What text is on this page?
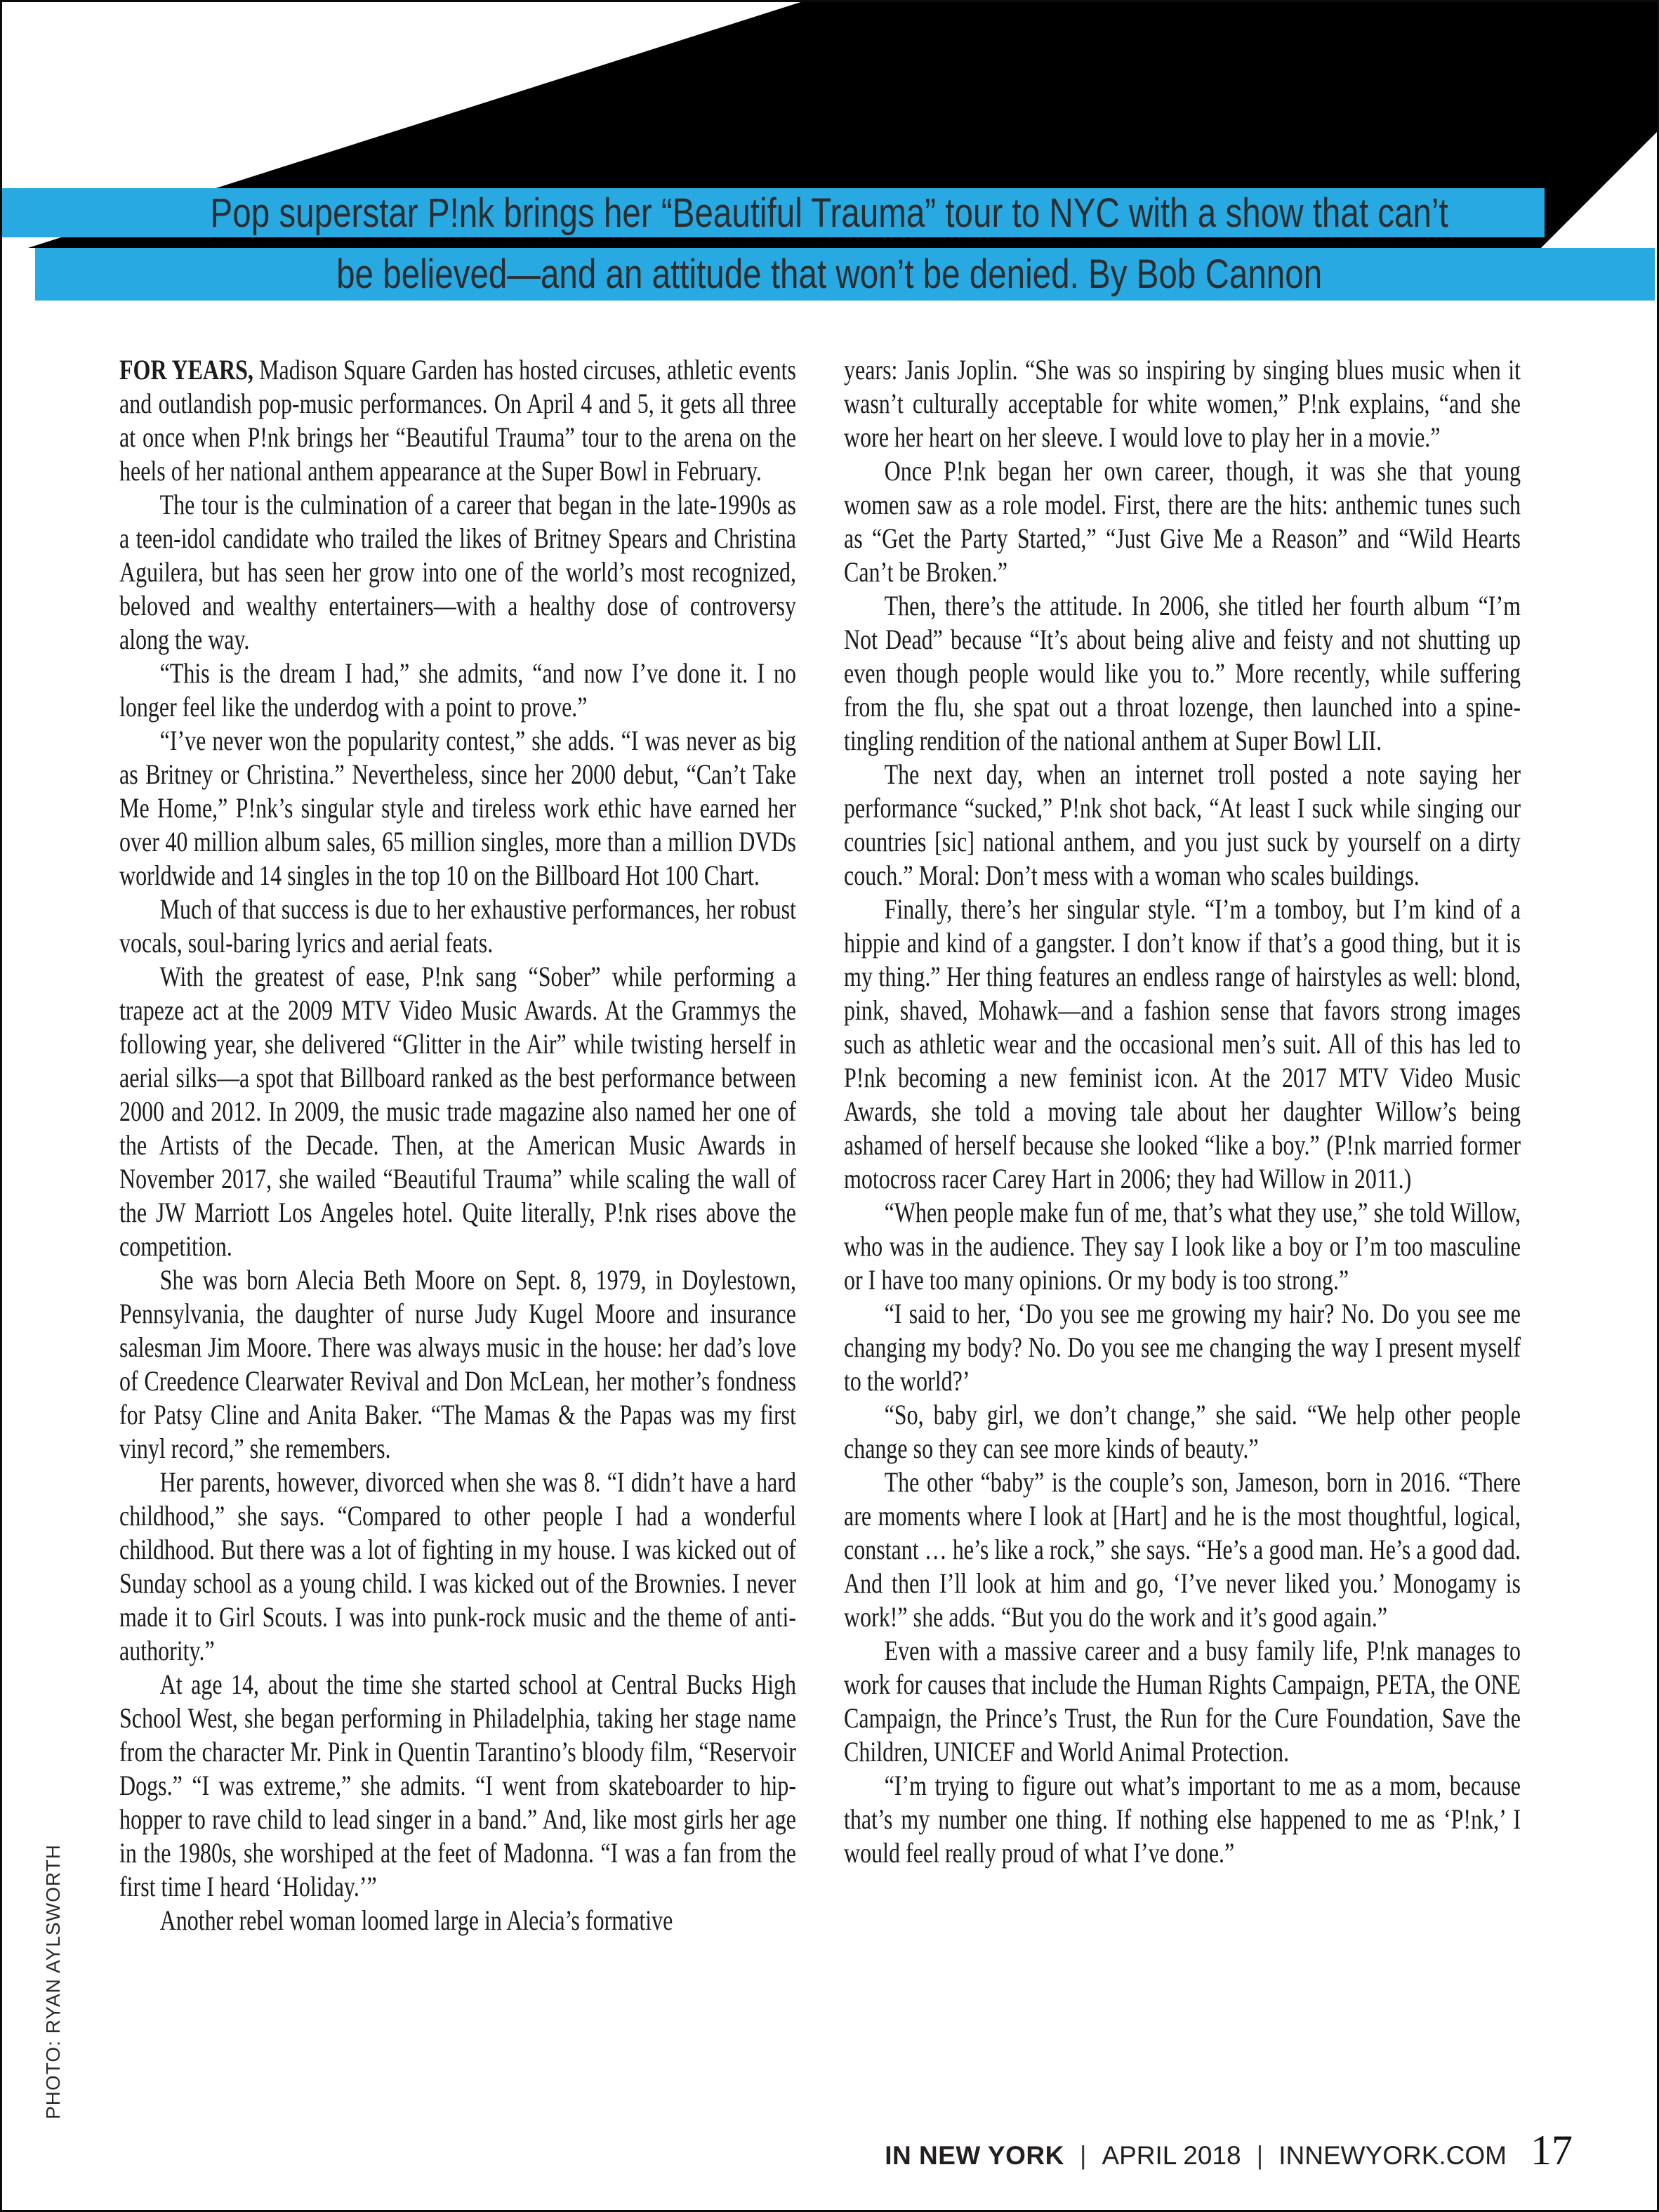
Pop superstar P!nk brings her “Beautiful Trauma” tour to NYC with a show that can’t
be believed—and an attitude that won’t be denied. By Bob Cannon

FOR YEARS, Madison Square Garden has hosted circuses, athletic events and outlandish pop-music performances. On April 4 and 5, it gets all three at once when P!nk brings her “Beautiful Trauma” tour to the arena on the heels of her national anthem appearance at the Super Bowl in February.

The tour is the culmination of a career that began in the late-1990s as a teen-idol candidate who trailed the likes of Britney Spears and Christina Aguilera, but has seen her grow into one of the world’s most recognized, beloved and wealthy entertainers—with a healthy dose of controversy along the way.

“This is the dream I had,” she admits, “and now I’ve done it. I no longer feel like the underdog with a point to prove.”

“I’ve never won the popularity contest,” she adds. “I was never as big as Britney or Christina.” Nevertheless, since her 2000 debut, “Can’t Take Me Home,” P!nk’s singular style and tireless work ethic have earned her over 40 million album sales, 65 million singles, more than a million DVDs worldwide and 14 singles in the top 10 on the Billboard Hot 100 Chart.

Much of that success is due to her exhaustive performances, her robust vocals, soul-baring lyrics and aerial feats.

With the greatest of ease, P!nk sang “Sober” while performing a trapeze act at the 2009 MTV Video Music Awards. At the Grammys the following year, she delivered “Glitter in the Air” while twisting herself in aerial silks—a spot that Billboard ranked as the best performance between 2000 and 2012. In 2009, the music trade magazine also named her one of the Artists of the Decade. Then, at the American Music Awards in November 2017, she wailed “Beautiful Trauma” while scaling the wall of the JW Marriott Los Angeles hotel. Quite literally, P!nk rises above the competition.

She was born Alecia Beth Moore on Sept. 8, 1979, in Doylestown, Pennsylvania, the daughter of nurse Judy Kugel Moore and insurance salesman Jim Moore. There was always music in the house: her dad’s love of Creedence Clearwater Revival and Don McLean, her mother’s fondness for Patsy Cline and Anita Baker. “The Mamas & the Papas was my first vinyl record,” she remembers.

Her parents, however, divorced when she was 8. “I didn’t have a hard childhood,” she says. “Compared to other people I had a wonderful childhood. But there was a lot of fighting in my house. I was kicked out of Sunday school as a young child. I was kicked out of the Brownies. I never made it to Girl Scouts. I was into punk-rock music and the theme of anti-authority.”

At age 14, about the time she started school at Central Bucks High School West, she began performing in Philadelphia, taking her stage name from the character Mr. Pink in Quentin Tarantino’s bloody film, “Reservoir Dogs.” “I was extreme,” she admits. “I went from skateboarder to hip-hopper to rave child to lead singer in a band.” And, like most girls her age in the 1980s, she worshiped at the feet of Madonna. “I was a fan from the first time I heard ‘Holiday.’”

Another rebel woman loomed large in Alecia’s formative

years: Janis Joplin. “She was so inspiring by singing blues music when it wasn’t culturally acceptable for white women,” P!nk explains, “and she wore her heart on her sleeve. I would love to play her in a movie.”

Once P!nk began her own career, though, it was she that young women saw as a role model. First, there are the hits: anthemic tunes such as “Get the Party Started,” “Just Give Me a Reason” and “Wild Hearts Can’t be Broken.”

Then, there’s the attitude. In 2006, she titled her fourth album “I’m Not Dead” because “It’s about being alive and feisty and not shutting up even though people would like you to.” More recently, while suffering from the flu, she spat out a throat lozenge, then launched into a spine-tingling rendition of the national anthem at Super Bowl LII.

The next day, when an internet troll posted a note saying her performance “sucked,” P!nk shot back, “At least I suck while singing our countries [sic] national anthem, and you just suck by yourself on a dirty couch.” Moral: Don’t mess with a woman who scales buildings.

Finally, there’s her singular style. “I’m a tomboy, but I’m kind of a hippie and kind of a gangster. I don’t know if that’s a good thing, but it is my thing.” Her thing features an endless range of hairstyles as well: blond, pink, shaved, Mohawk—and a fashion sense that favors strong images such as athletic wear and the occasional men’s suit. All of this has led to P!nk becoming a new feminist icon. At the 2017 MTV Video Music Awards, she told a moving tale about her daughter Willow’s being ashamed of herself because she looked “like a boy.” (P!nk married former motocross racer Carey Hart in 2006; they had Willow in 2011.)

“When people make fun of me, that’s what they use,” she told Willow, who was in the audience. They say I look like a boy or I’m too masculine or I have too many opinions. Or my body is too strong.”

“I said to her, ‘Do you see me growing my hair? No. Do you see me changing my body? No. Do you see me changing the way I present myself to the world?’

“So, baby girl, we don’t change,” she said. “We help other people change so they can see more kinds of beauty.”

The other “baby” is the couple’s son, Jameson, born in 2016. “There are moments where I look at [Hart] and he is the most thoughtful, logical, constant … he’s like a rock,” she says. “He’s a good man. He’s a good dad. And then I’ll look at him and go, ‘I’ve never liked you.’ Monogamy is work!” she adds. “But you do the work and it’s good again.”

Even with a massive career and a busy family life, P!nk manages to work for causes that include the Human Rights Campaign, PETA, the ONE Campaign, the Prince’s Trust, the Run for the Cure Foundation, Save the Children, UNICEF and World Animal Protection.

“I’m trying to figure out what’s important to me as a mom, because that’s my number one thing. If nothing else happened to me as ‘P!nk,’ I would feel really proud of what I’ve done.”

PHOTO: RYAN AYLSWORTH
IN NEW YORK | APRIL 2018 | INNEWYORK.COM 17
